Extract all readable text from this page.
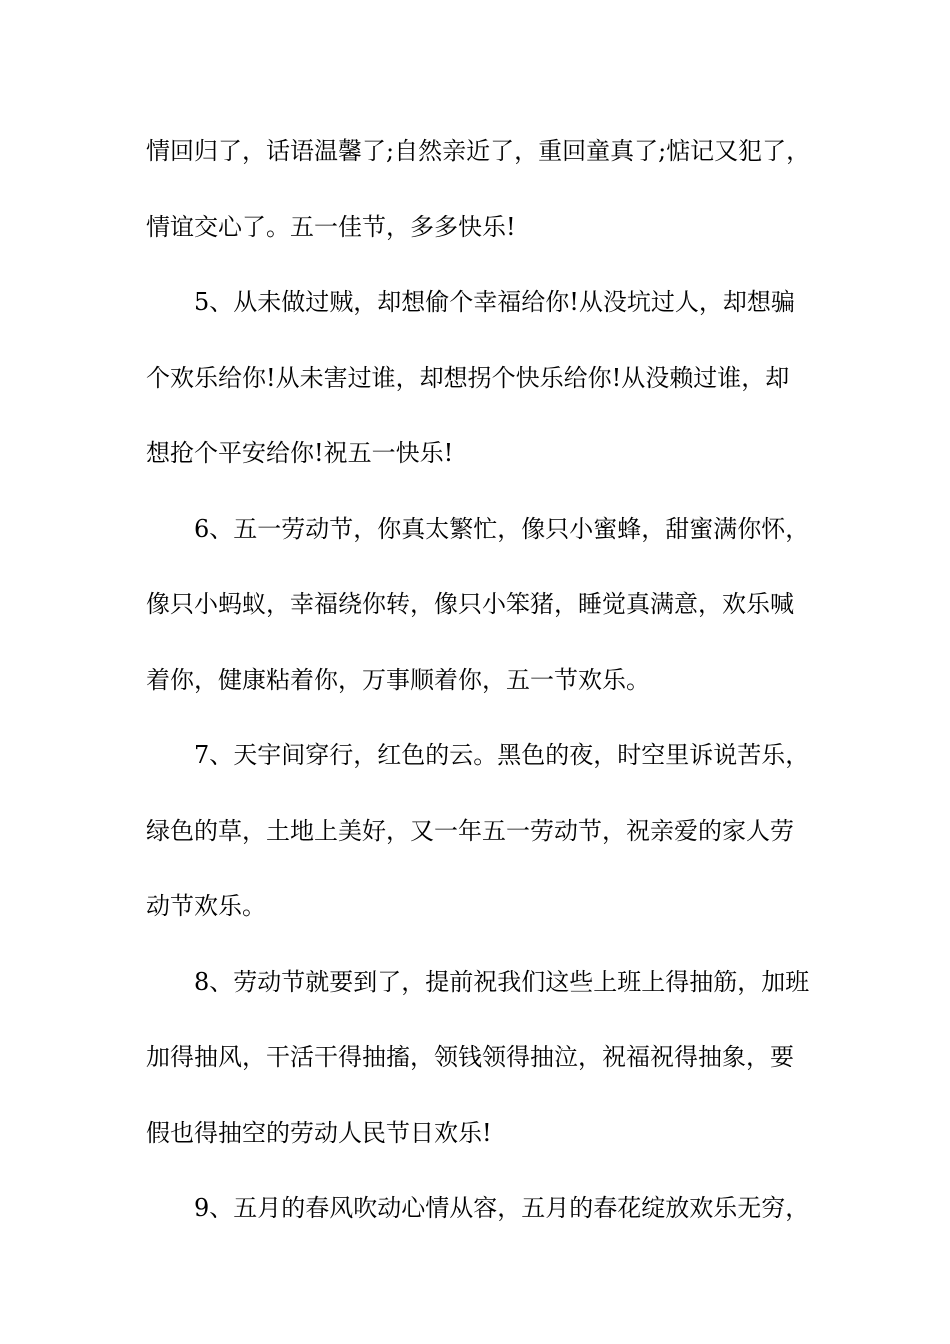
情回归了，话语温馨了;自然亲近了，重回童真了;惦记又犯了，
情谊交心了。五一佳节，多多快乐!
5、从未做过贼，却想偷个幸福给你!从没坑过人，却想骗
个欢乐给你!从未害过谁，却想拐个快乐给你!从没赖过谁，却
想抢个平安给你!祝五一快乐!
6、五一劳动节，你真太繁忙，像只小蜜蜂，甜蜜满你怀，
像只小蚂蚁，幸福绕你转，像只小笨猪，睡觉真满意，欢乐喊
着你，健康粘着你，万事顺着你，五一节欢乐。
7、天宇间穿行，红色的云。黑色的夜，时空里诉说苦乐，
绿色的草，土地上美好，又一年五一劳动节，祝亲爱的家人劳
动节欢乐。
8、劳动节就要到了，提前祝我们这些上班上得抽筋，加班
加得抽风，干活干得抽搐，领钱领得抽泣，祝福祝得抽象，要
假也得抽空的劳动人民节日欢乐!
9、五月的春风吹动心情从容，五月的春花绽放欢乐无穷，
